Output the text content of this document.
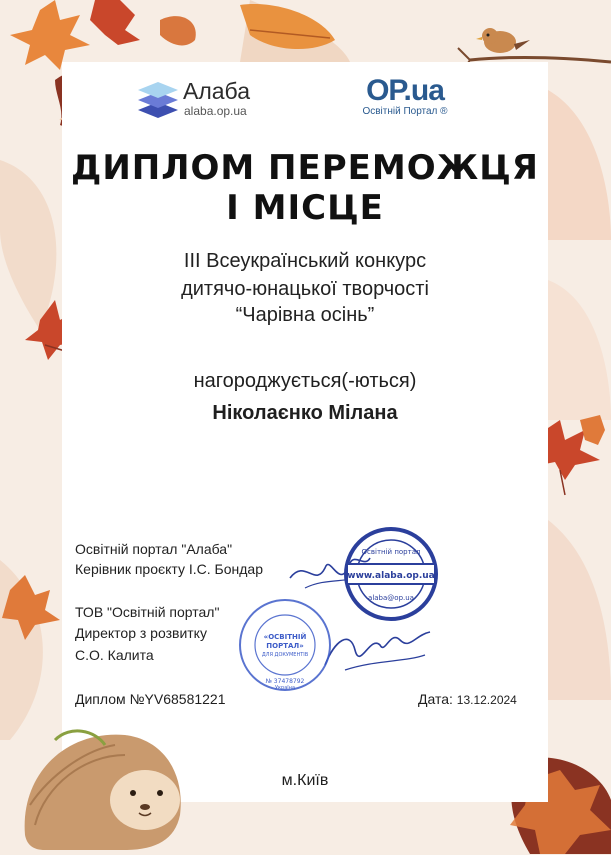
Алаба
alaba.op.ua
OP.ua
Освітній Портал ®
ДИПЛОМ ПЕРЕМОЖЦЯ
І МІСЦЕ
ІІІ Всеукраїнський конкурс
дитячо-юнацької творчості
“Чарівна осінь”
нагороджується(-ються)
Ніколаєнко Мілана
Освітній портал "Алаба"
Керівник проєкту І.С. Бондар
ТОВ "Освітній портал"
Директор з розвитку
С.О. Калита
www.alaba.op.ua
Освітній портал
alaba@op.ua
«ОСВІТНІЙ
ПОРТАЛ»
ДЛЯ ДОКУМЕНТІВ
№ 37478792
Україна
Диплом №YV68581221	Дата: 13.12.2024
м.Київ
